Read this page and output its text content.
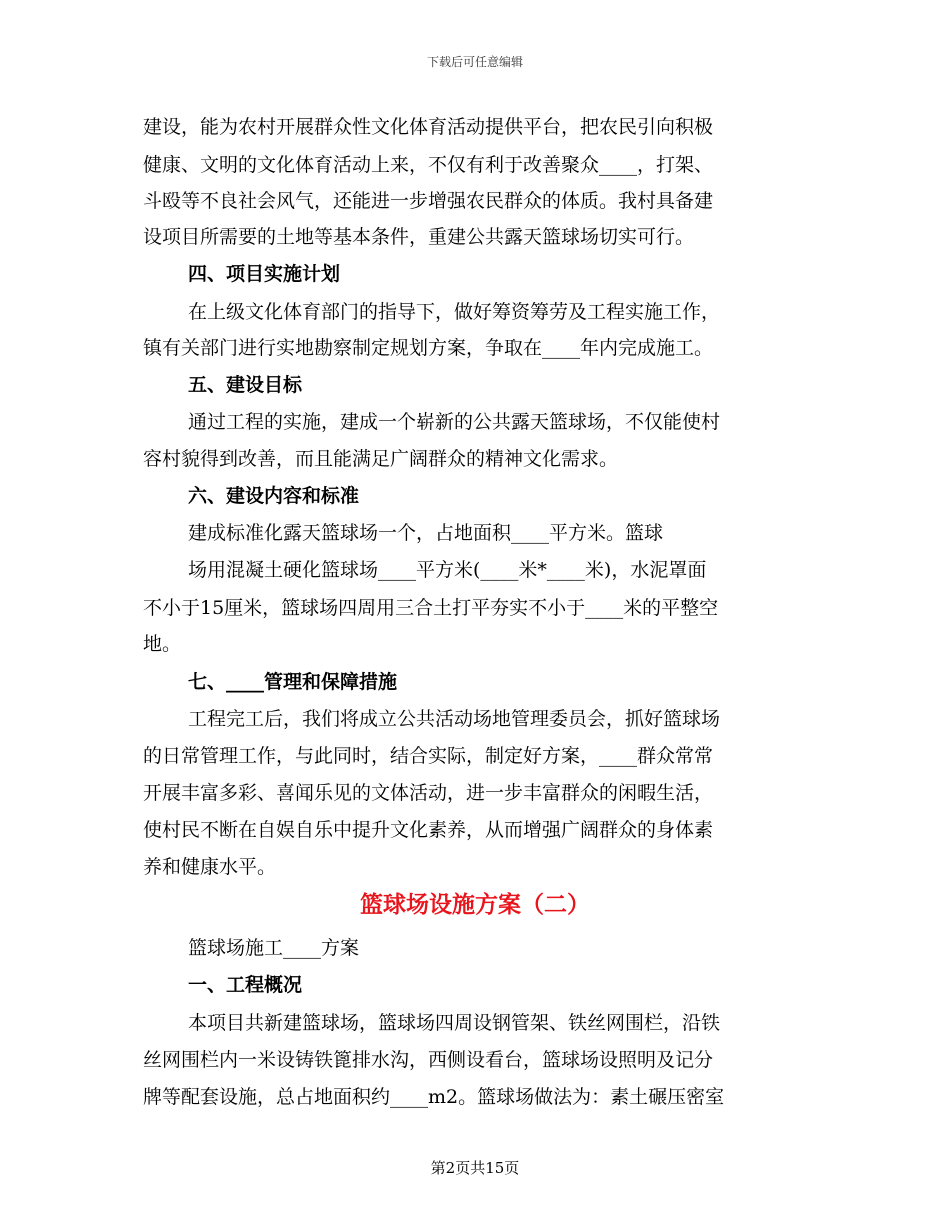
下载后可任意编辑
建设，能为农村开展群众性文化体育活动提供平台，把农民引向积极
健康、文明的文化体育活动上来，不仅有利于改善聚众____，打架、
斗殴等不良社会风气，还能进一步增强农民群众的体质。我村具备建
设项目所需要的土地等基本条件，重建公共露天篮球场切实可行。
四、项目实施计划
在上级文化体育部门的指导下，做好筹资筹劳及工程实施工作，
镇有关部门进行实地勘察制定规划方案，争取在____年内完成施工。
五、建设目标
通过工程的实施，建成一个崭新的公共露天篮球场，不仅能使村
容村貌得到改善，而且能满足广阔群众的精神文化需求。
六、建设内容和标准
建成标准化露天篮球场一个，占地面积____平方米。篮球
场用混凝土硬化篮球场____平方米(____米*____米)，水泥罩面
不小于15厘米，篮球场四周用三合土打平夯实不小于____米的平整空
地。
七、____管理和保障措施
工程完工后，我们将成立公共活动场地管理委员会，抓好篮球场
的日常管理工作，与此同时，结合实际，制定好方案，____群众常常
开展丰富多彩、喜闻乐见的文体活动，进一步丰富群众的闲暇生活，
使村民不断在自娱自乐中提升文化素养，从而增强广阔群众的身体素
养和健康水平。
篮球场设施方案（二）
篮球场施工____方案
一、工程概况
本项目共新建篮球场，篮球场四周设钢管架、铁丝网围栏，沿铁
丝网围栏内一米设铸铁篦排水沟，西侧设看台，篮球场设照明及记分
牌等配套设施，总占地面积约____m2。篮球场做法为：素土碾压密室
第2页共15页
